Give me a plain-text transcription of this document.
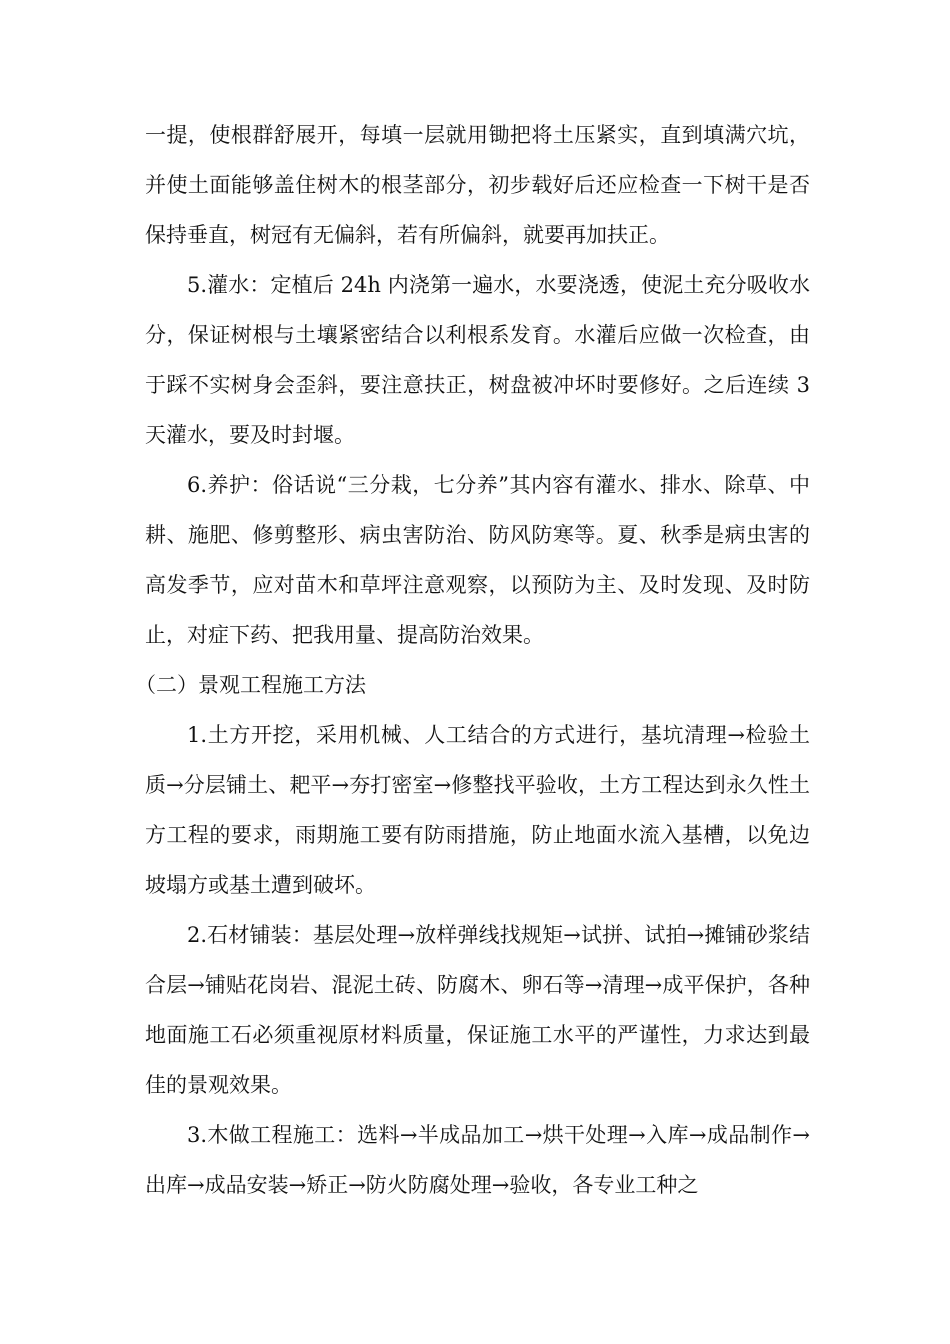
一提，使根群舒展开，每填一层就用锄把将土压紧实，直到填满穴坑，并使土面能够盖住树木的根茎部分，初步载好后还应检查一下树干是否保持垂直，树冠有无偏斜，若有所偏斜，就要再加扶正。

5.灌水：定植后 24h 内浇第一遍水，水要浇透，使泥土充分吸收水分，保证树根与土壤紧密结合以利根系发育。水灌后应做一次检查，由于踩不实树身会歪斜，要注意扶正，树盘被冲坏时要修好。之后连续 3 天灌水，要及时封堰。

6.养护：俗话说“三分栽，七分养”其内容有灌水、排水、除草、中耕、施肥、修剪整形、病虫害防治、防风防寒等。夏、秋季是病虫害的高发季节，应对苗木和草坪注意观察，以预防为主、及时发现、及时防止，对症下药、把我用量、提高防治效果。

（二）景观工程施工方法

1.土方开挖，采用机械、人工结合的方式进行，基坑清理→检验土质→分层铺土、耙平→夯打密室→修整找平验收，土方工程达到永久性土方工程的要求，雨期施工要有防雨措施，防止地面水流入基槽，以免边坡塌方或基土遭到破坏。

2.石材铺装：基层处理→放样弹线找规矩→试拼、试拍→摊铺砂浆结合层→铺贴花岗岩、混泥土砖、防腐木、卵石等→清理→成平保护，各种地面施工石必须重视原材料质量，保证施工水平的严谨性，力求达到最佳的景观效果。

3.木做工程施工：选料→半成品加工→烘干处理→入库→成品制作→出库→成品安装→矫正→防火防腐处理→验收，各专业工种之
